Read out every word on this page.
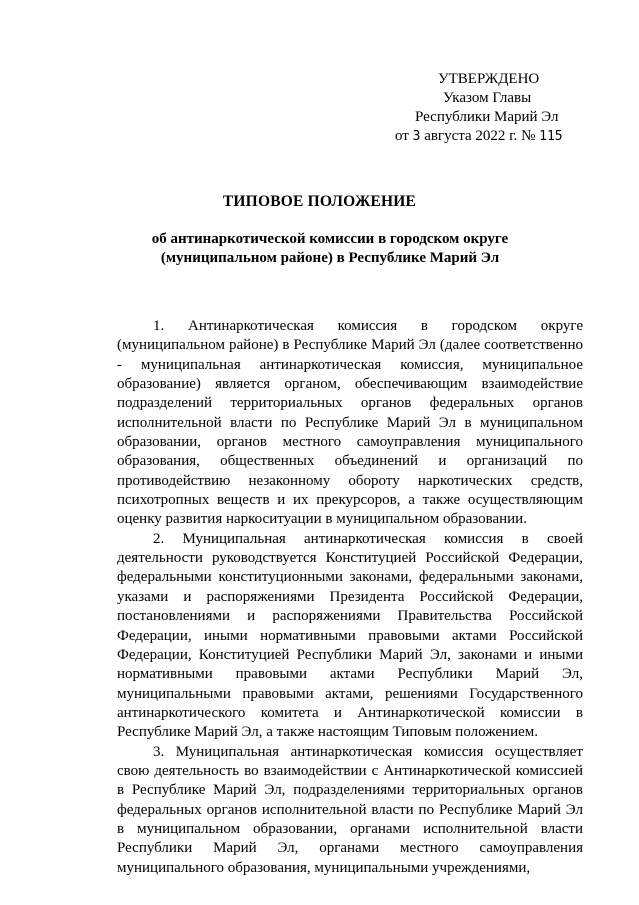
УТВЕРЖДЕНО
Указом Главы
Республики Марий Эл
от 3 августа 2022 г. № 115
ТИПОВОЕ ПОЛОЖЕНИЕ
об антинаркотической комиссии в городском округе
(муниципальном районе) в Республике Марий Эл

1. Антинаркотическая комиссия в городском округе (муниципальном районе) в Республике Марий Эл (далее соответственно - муниципальная антинаркотическая комиссия, муниципальное образование) является органом, обеспечивающим взаимодействие подразделений территориальных органов федеральных органов исполнительной власти по Республике Марий Эл в муниципальном образовании, органов местного самоуправления муниципального образования, общественных объединений и организаций по противодействию незаконному обороту наркотических средств, психотропных веществ и их прекурсоров, а также осуществляющим оценку развития наркоситуации в муниципальном образовании.

2. Муниципальная антинаркотическая комиссия в своей деятельности руководствуется Конституцией Российской Федерации, федеральными конституционными законами, федеральными законами, указами и распоряжениями Президента Российской Федерации, постановлениями и распоряжениями Правительства Российской Федерации, иными нормативными правовыми актами Российской Федерации, Конституцией Республики Марий Эл, законами и иными нормативными правовыми актами Республики Марий Эл, муниципальными правовыми актами, решениями Государственного антинаркотического комитета и Антинаркотической комиссии в Республике Марий Эл, а также настоящим Типовым положением.

3. Муниципальная антинаркотическая комиссия осуществляет свою деятельность во взаимодействии с Антинаркотической комиссией в Республике Марий Эл, подразделениями территориальных органов федеральных органов исполнительной власти по Республике Марий Эл в муниципальном образовании, органами исполнительной власти Республики Марий Эл, органами местного самоуправления муниципального образования, муниципальными учреждениями,
